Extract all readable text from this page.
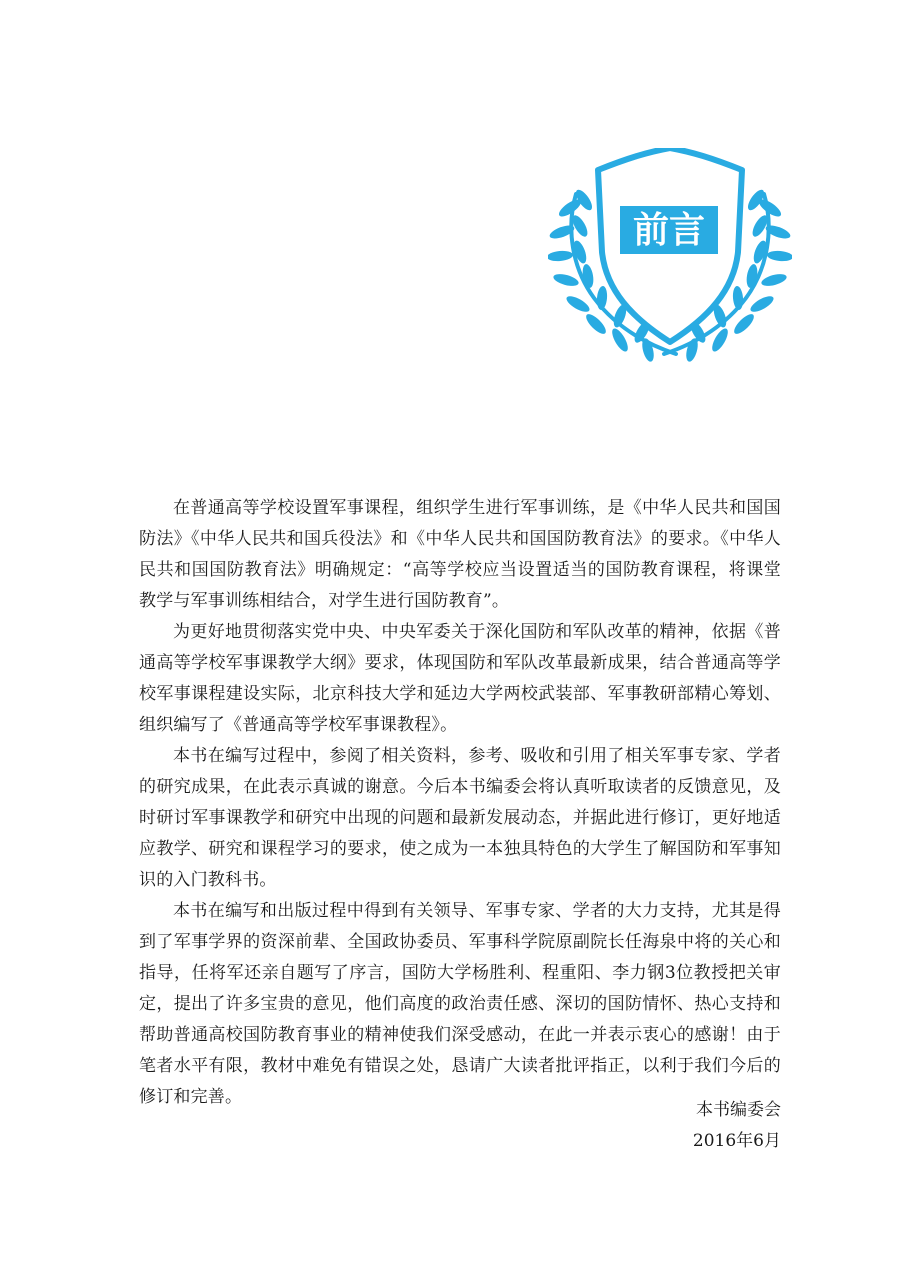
前言

在普通高等学校设置军事课程，组织学生进行军事训练，是《中华人民共和国国防法》《中华人民共和国兵役法》和《中华人民共和国国防教育法》的要求。《中华人民共和国国防教育法》明确规定：“高等学校应当设置适当的国防教育课程，将课堂教学与军事训练相结合，对学生进行国防教育”。

为更好地贯彻落实党中央、中央军委关于深化国防和军队改革的精神，依据《普通高等学校军事课教学大纲》要求，体现国防和军队改革最新成果，结合普通高等学校军事课程建设实际，北京科技大学和延边大学两校武装部、军事教研部精心筹划、组织编写了《普通高等学校军事课教程》。

本书在编写过程中，参阅了相关资料，参考、吸收和引用了相关军事专家、学者的研究成果，在此表示真诚的谢意。今后本书编委会将认真听取读者的反馈意见，及时研讨军事课教学和研究中出现的问题和最新发展动态，并据此进行修订，更好地适应教学、研究和课程学习的要求，使之成为一本独具特色的大学生了解国防和军事知识的入门教科书。

本书在编写和出版过程中得到有关领导、军事专家、学者的大力支持，尤其是得到了军事学界的资深前辈、全国政协委员、军事科学院原副院长任海泉中将的关心和指导，任将军还亲自题写了序言，国防大学杨胜利、程重阳、李力钢3位教授把关审定，提出了许多宝贵的意见，他们高度的政治责任感、深切的国防情怀、热心支持和帮助普通高校国防教育事业的精神使我们深受感动，在此一并表示衷心的感谢！由于笔者水平有限，教材中难免有错误之处，恳请广大读者批评指正，以利于我们今后的修订和完善。

本书编委会
2016年6月
